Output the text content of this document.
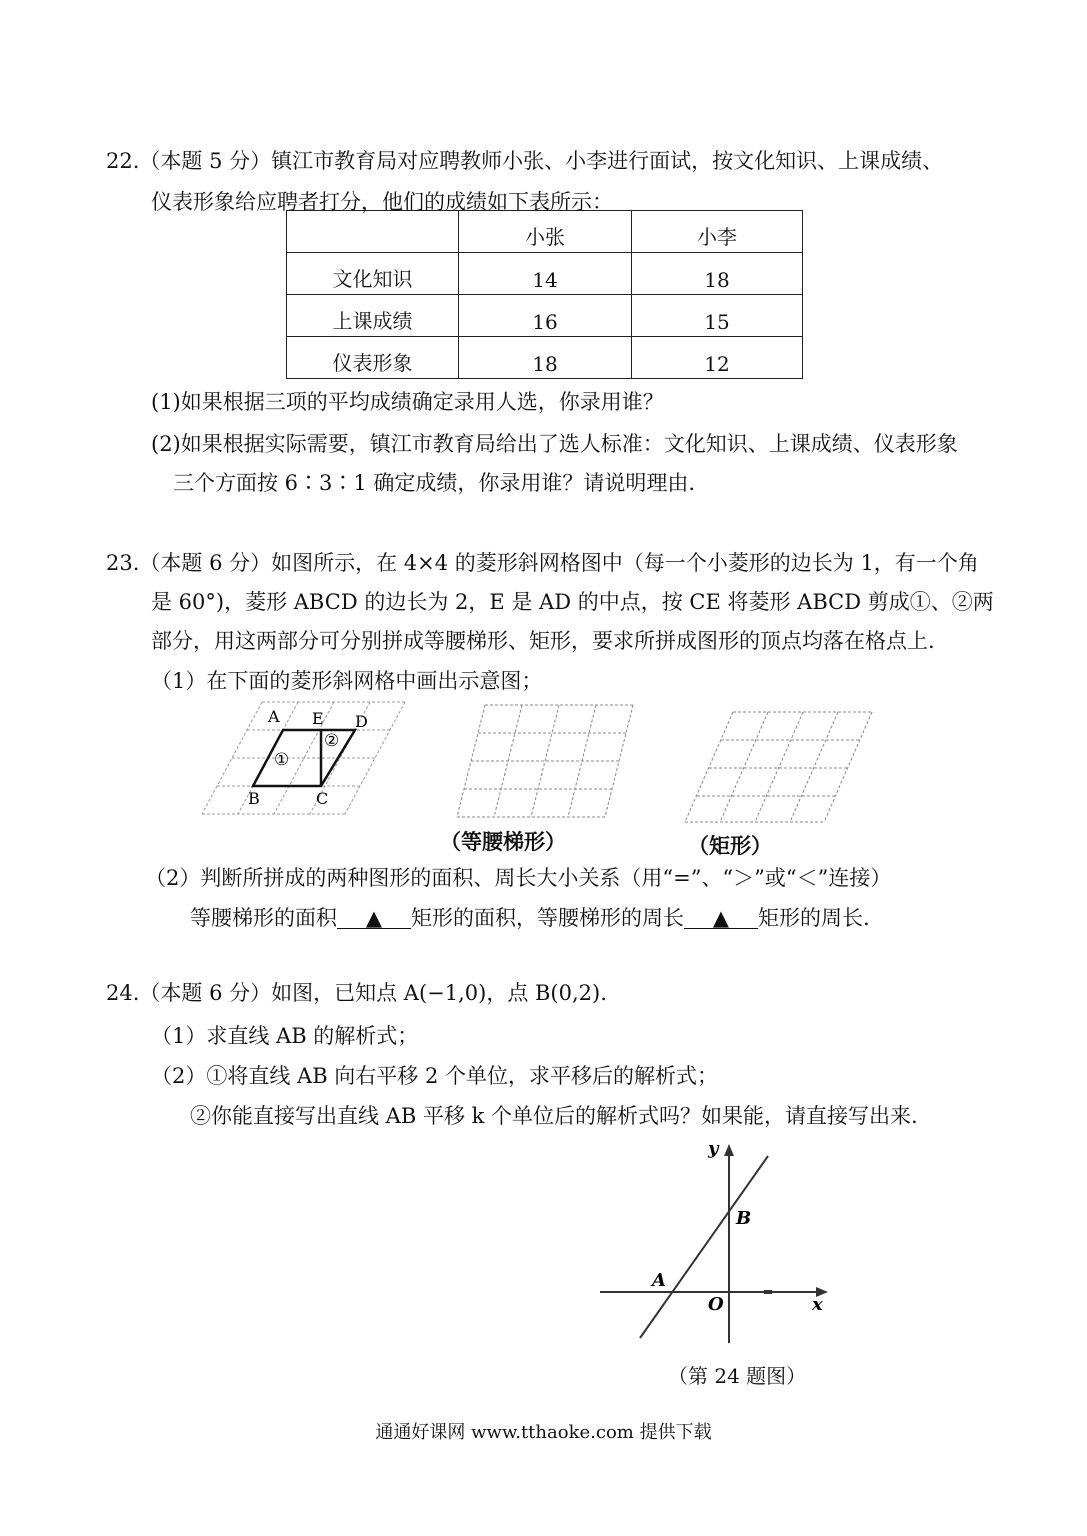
22.（本题 5 分）镇江市教育局对应聘教师小张、小李进行面试，按文化知识、上课成绩、
仪表形象给应聘者打分，他们的成绩如下表所示：
	小张	小李
文化知识	14	18
上课成绩	16	15
仪表形象	18	12
(1)如果根据三项的平均成绩确定录用人选，你录用谁？
(2)如果根据实际需要，镇江市教育局给出了选人标准：文化知识、上课成绩、仪表形象
三个方面按 6∶3∶1 确定成绩，你录用谁？请说明理由.
23.（本题 6 分）如图所示，在 4×4 的菱形斜网格图中（每一个小菱形的边长为 1，有一个角
是 60°)，菱形 ABCD 的边长为 2，E 是 AD 的中点，按 CE 将菱形 ABCD 剪成①、②两
部分，用这两部分可分别拼成等腰梯形、矩形，要求所拼成图形的顶点均落在格点上.
（1）在下面的菱形斜网格中画出示意图；
A E D
B	C
①
②
（等腰梯形）	（矩形）
（2）判断所拼成的两种图形的面积、周长大小关系（用“=”、“＞”或“＜”连接）
等腰梯形的面积 ▲ 矩形的面积，等腰梯形的周长 ▲ 矩形的周长.
24.（本题 6 分）如图，已知点 A(−1,0)，点 B(0,2).
（1）求直线 AB 的解析式；
（2）①将直线 AB 向右平移 2 个单位，求平移后的解析式；
②你能直接写出直线 AB 平移 k 个单位后的解析式吗？如果能，请直接写出来.
y
x
O
A
B
（第 24 题图）
通通好课网 www.tthaoke.com 提供下载
